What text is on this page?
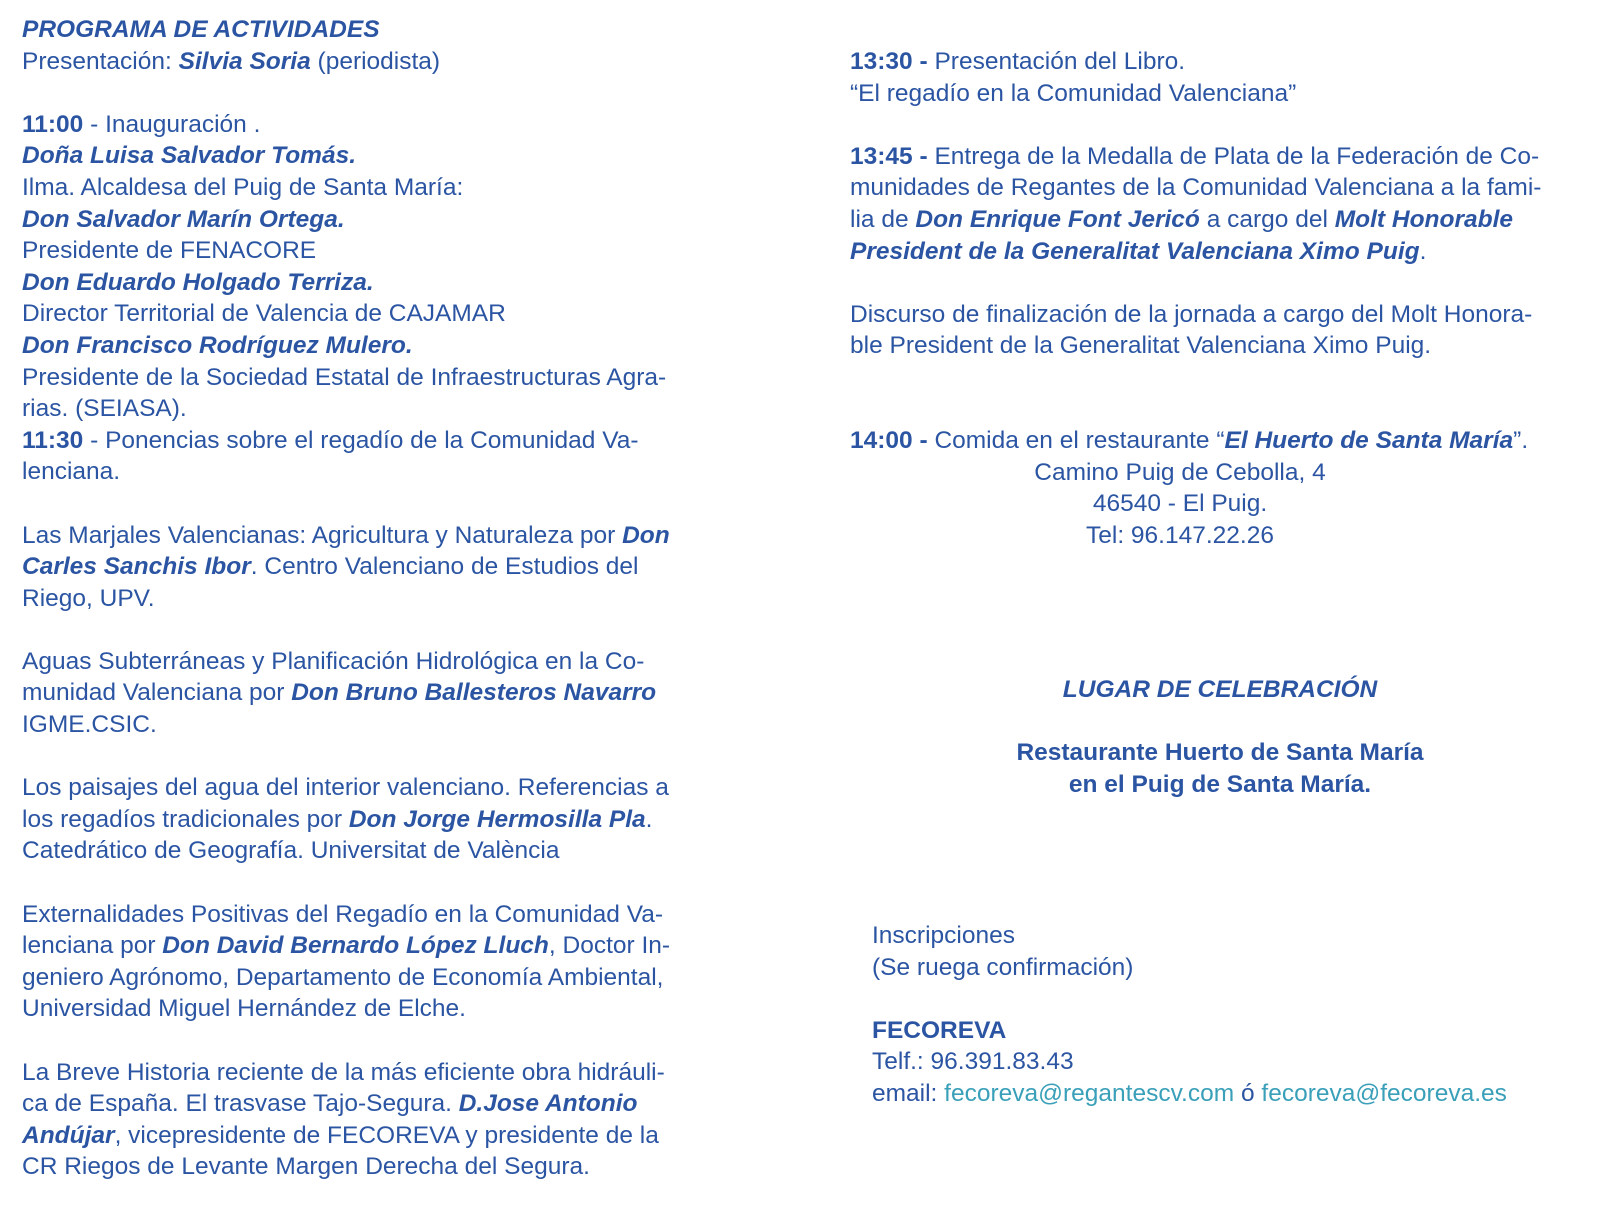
PROGRAMA DE ACTIVIDADES

Presentación: Silvia Soria (periodista)

11:00 - Inauguración .

Doña Luisa Salvador Tomás.

Ilma. Alcaldesa del Puig de Santa María:

Don Salvador Marín Ortega.

Presidente de FENACORE

Don Eduardo Holgado Terriza.

Director Territorial de Valencia de CAJAMAR

Don Francisco Rodríguez Mulero.

Presidente de la Sociedad Estatal de Infraestructuras Agra-

rias. (SEIASA).

11:30 - Ponencias sobre el regadío de la Comunidad Va-

lenciana.

Las Marjales Valencianas: Agricultura y Naturaleza por Don

Carles Sanchis Ibor. Centro Valenciano de Estudios del

Riego, UPV.

Aguas Subterráneas y Planificación Hidrológica en la Co-

munidad Valenciana por Don Bruno Ballesteros Navarro

IGME.CSIC.

Los paisajes del agua del interior valenciano. Referencias a

los regadíos tradicionales por Don Jorge Hermosilla Pla.

Catedrático de Geografía. Universitat de València

Externalidades Positivas del Regadío en la Comunidad Va-

lenciana por Don David Bernardo López Lluch, Doctor In-

geniero Agrónomo, Departamento de Economía Ambiental,

Universidad Miguel Hernández de Elche.

La Breve Historia reciente de la más eficiente obra hidráuli-

ca de España. El trasvase Tajo-Segura. D.Jose Antonio

Andújar, vicepresidente de FECOREVA y presidente de la

CR Riegos de Levante Margen Derecha del Segura.

13:30 - Presentación del Libro.

“El regadío en la Comunidad Valenciana”

13:45 - Entrega de la Medalla de Plata de la Federación de Co-

munidades de Regantes de la Comunidad Valenciana a la fami-

lia de Don Enrique Font Jericó a cargo del Molt Honorable

President de la Generalitat Valenciana Ximo Puig.

Discurso de finalización de la jornada a cargo del Molt Honora-

ble President de la Generalitat Valenciana Ximo Puig.

14:00 - Comida en el restaurante “El Huerto de Santa María”.

Camino Puig de Cebolla, 4

46540 - El Puig.

Tel: 96.147.22.26

LUGAR DE CELEBRACIÓN

Restaurante Huerto de Santa María

en el Puig de Santa María.

Inscripciones

(Se ruega confirmación)

FECOREVA

Telf.: 96.391.83.43

email: fecoreva@regantescv.com ó fecoreva@fecoreva.es
